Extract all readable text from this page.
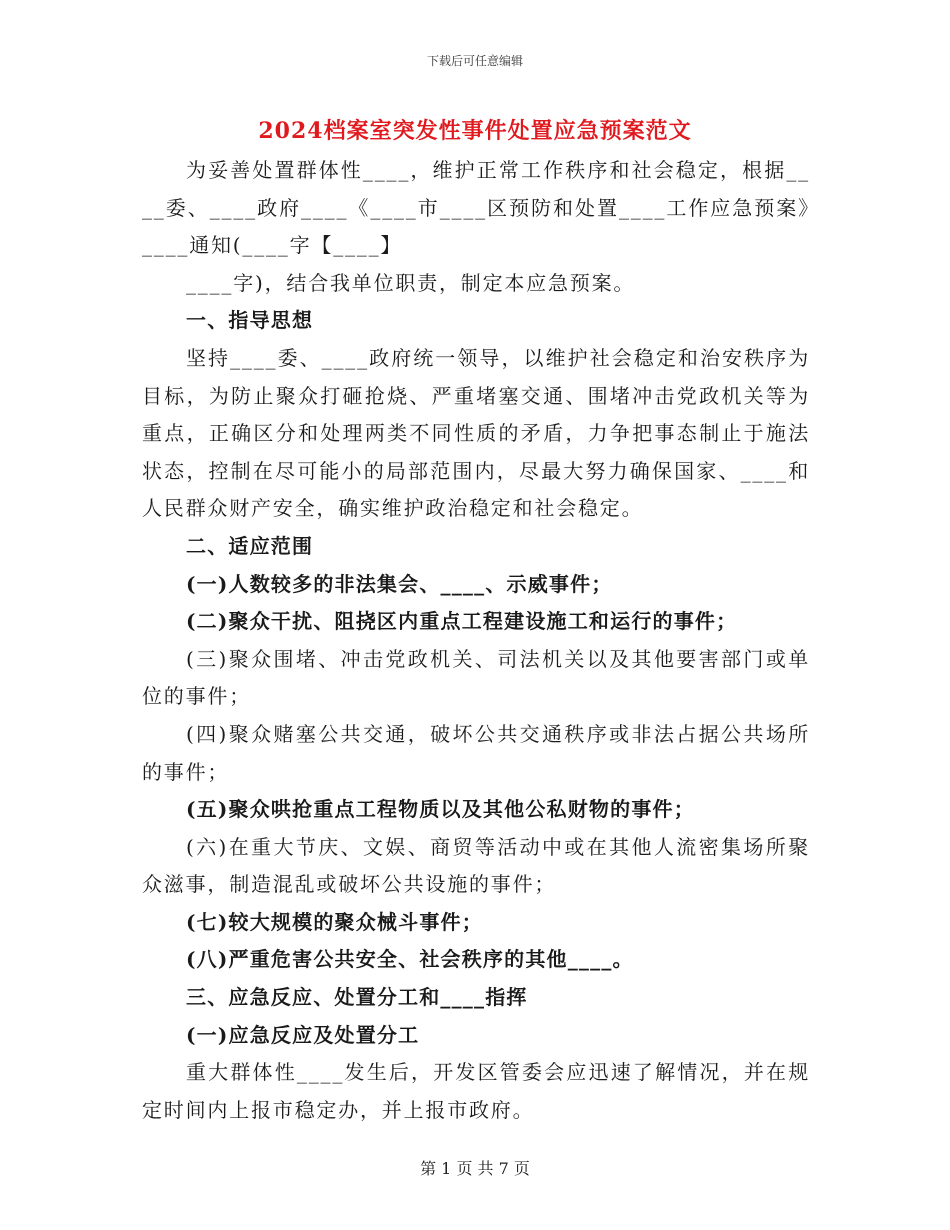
下载后可任意编辑
2024档案室突发性事件处置应急预案范文

为妥善处置群体性____，维护正常工作秩序和社会稳定，根据____委、____政府____《____市____区预防和处置____工作应急预案》____通知(____字【____】

____字)，结合我单位职责，制定本应急预案。

一、指导思想

坚持____委、____政府统一领导，以维护社会稳定和治安秩序为目标，为防止聚众打砸抢烧、严重堵塞交通、围堵冲击党政机关等为重点，正确区分和处理两类不同性质的矛盾，力争把事态制止于施法状态，控制在尽可能小的局部范围内，尽最大努力确保国家、____和人民群众财产安全，确实维护政治稳定和社会稳定。

二、适应范围

(一)人数较多的非法集会、____、示威事件；

(二)聚众干扰、阻挠区内重点工程建设施工和运行的事件；

(三)聚众围堵、冲击党政机关、司法机关以及其他要害部门或单位的事件；

(四)聚众赌塞公共交通，破坏公共交通秩序或非法占据公共场所的事件；

(五)聚众哄抢重点工程物质以及其他公私财物的事件；

(六)在重大节庆、文娱、商贸等活动中或在其他人流密集场所聚众滋事，制造混乱或破坏公共设施的事件；

(七)较大规模的聚众械斗事件；

(八)严重危害公共安全、社会秩序的其他____。

三、应急反应、处置分工和____指挥

(一)应急反应及处置分工

重大群体性____发生后，开发区管委会应迅速了解情况，并在规定时间内上报市稳定办，并上报市政府。

第 1 页 共 7 页
